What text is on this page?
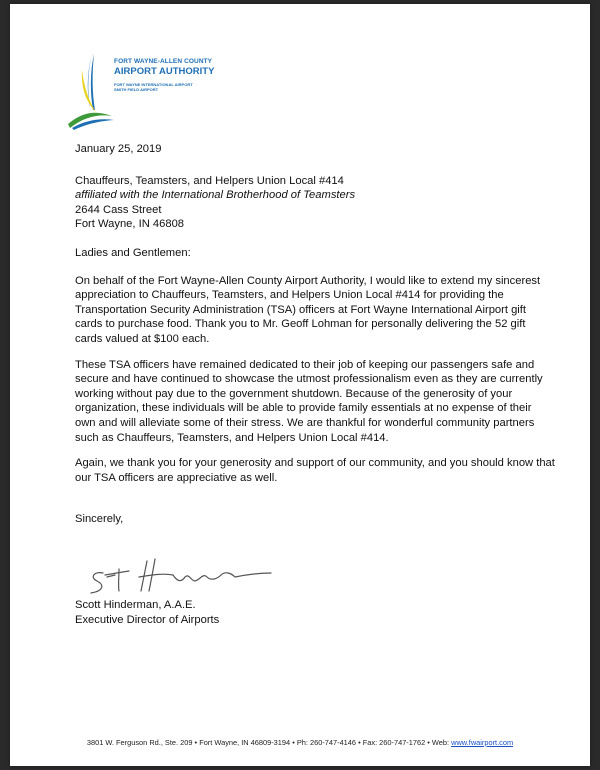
FORT WAYNE-ALLEN COUNTY
AIRPORT AUTHORITY
FORT WAYNE INTERNATIONAL AIRPORT
SMITH FIELD AIRPORT

January 25, 2019

Chauffeurs, Teamsters, and Helpers Union Local #414

affiliated with the International Brotherhood of Teamsters

2644 Cass Street

Fort Wayne, IN 46808

Ladies and Gentlemen:

On behalf of the Fort Wayne-Allen County Airport Authority, I would like to extend my sincerest appreciation to Chauffeurs, Teamsters, and Helpers Union Local #414 for providing the Transportation Security Administration (TSA) officers at Fort Wayne International Airport gift cards to purchase food. Thank you to Mr. Geoff Lohman for personally delivering the 52 gift cards valued at $100 each.

These TSA officers have remained dedicated to their job of keeping our passengers safe and secure and have continued to showcase the utmost professionalism even as they are currently working without pay due to the government shutdown. Because of the generosity of your organization, these individuals will be able to provide family essentials at no expense of their own and will alleviate some of their stress. We are thankful for wonderful community partners such as Chauffeurs, Teamsters, and Helpers Union Local #414.

Again, we thank you for your generosity and support of our community, and you should know that our TSA officers are appreciative as well.

Sincerely,

Scott Hinderman, A.A.E.

Executive Director of Airports

3801 W. Ferguson Rd., Ste. 209 • Fort Wayne, IN 46809-3194 • Ph: 260-747-4146 • Fax: 260-747-1762 • Web: www.fwairport.com
